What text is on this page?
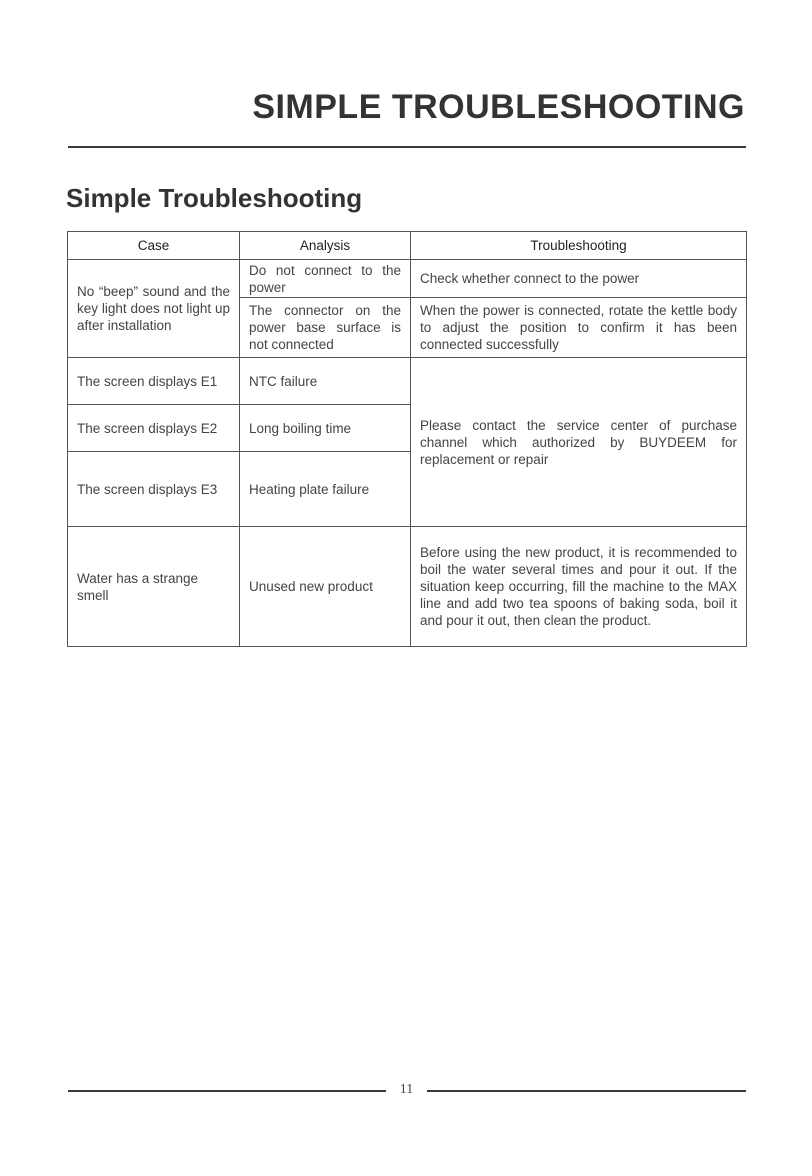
SIMPLE TROUBLESHOOTING
Simple Troubleshooting
Case	Analysis	Troubleshooting
No “beep” sound and the key light does not light up after installation	Do not connect to the power	Check whether connect to the power
	The connector on the power base surface is not connected	When the power is connected, rotate the kettle body to adjust the position to confirm it has been connected successfully
The screen displays E1	NTC failure	Please contact the service center of purchase channel which authorized by BUYDEEM for replacement or repair
The screen displays E2	Long boiling time	
The screen displays E3	Heating plate failure	
Water has a strange smell	Unused new product	Before using the new product, it is recommended to boil the water several times and pour it out. If the situation keep occurring, fill the machine to the MAX line and add two tea spoons of baking soda, boil it and pour it out, then clean the product.
11
